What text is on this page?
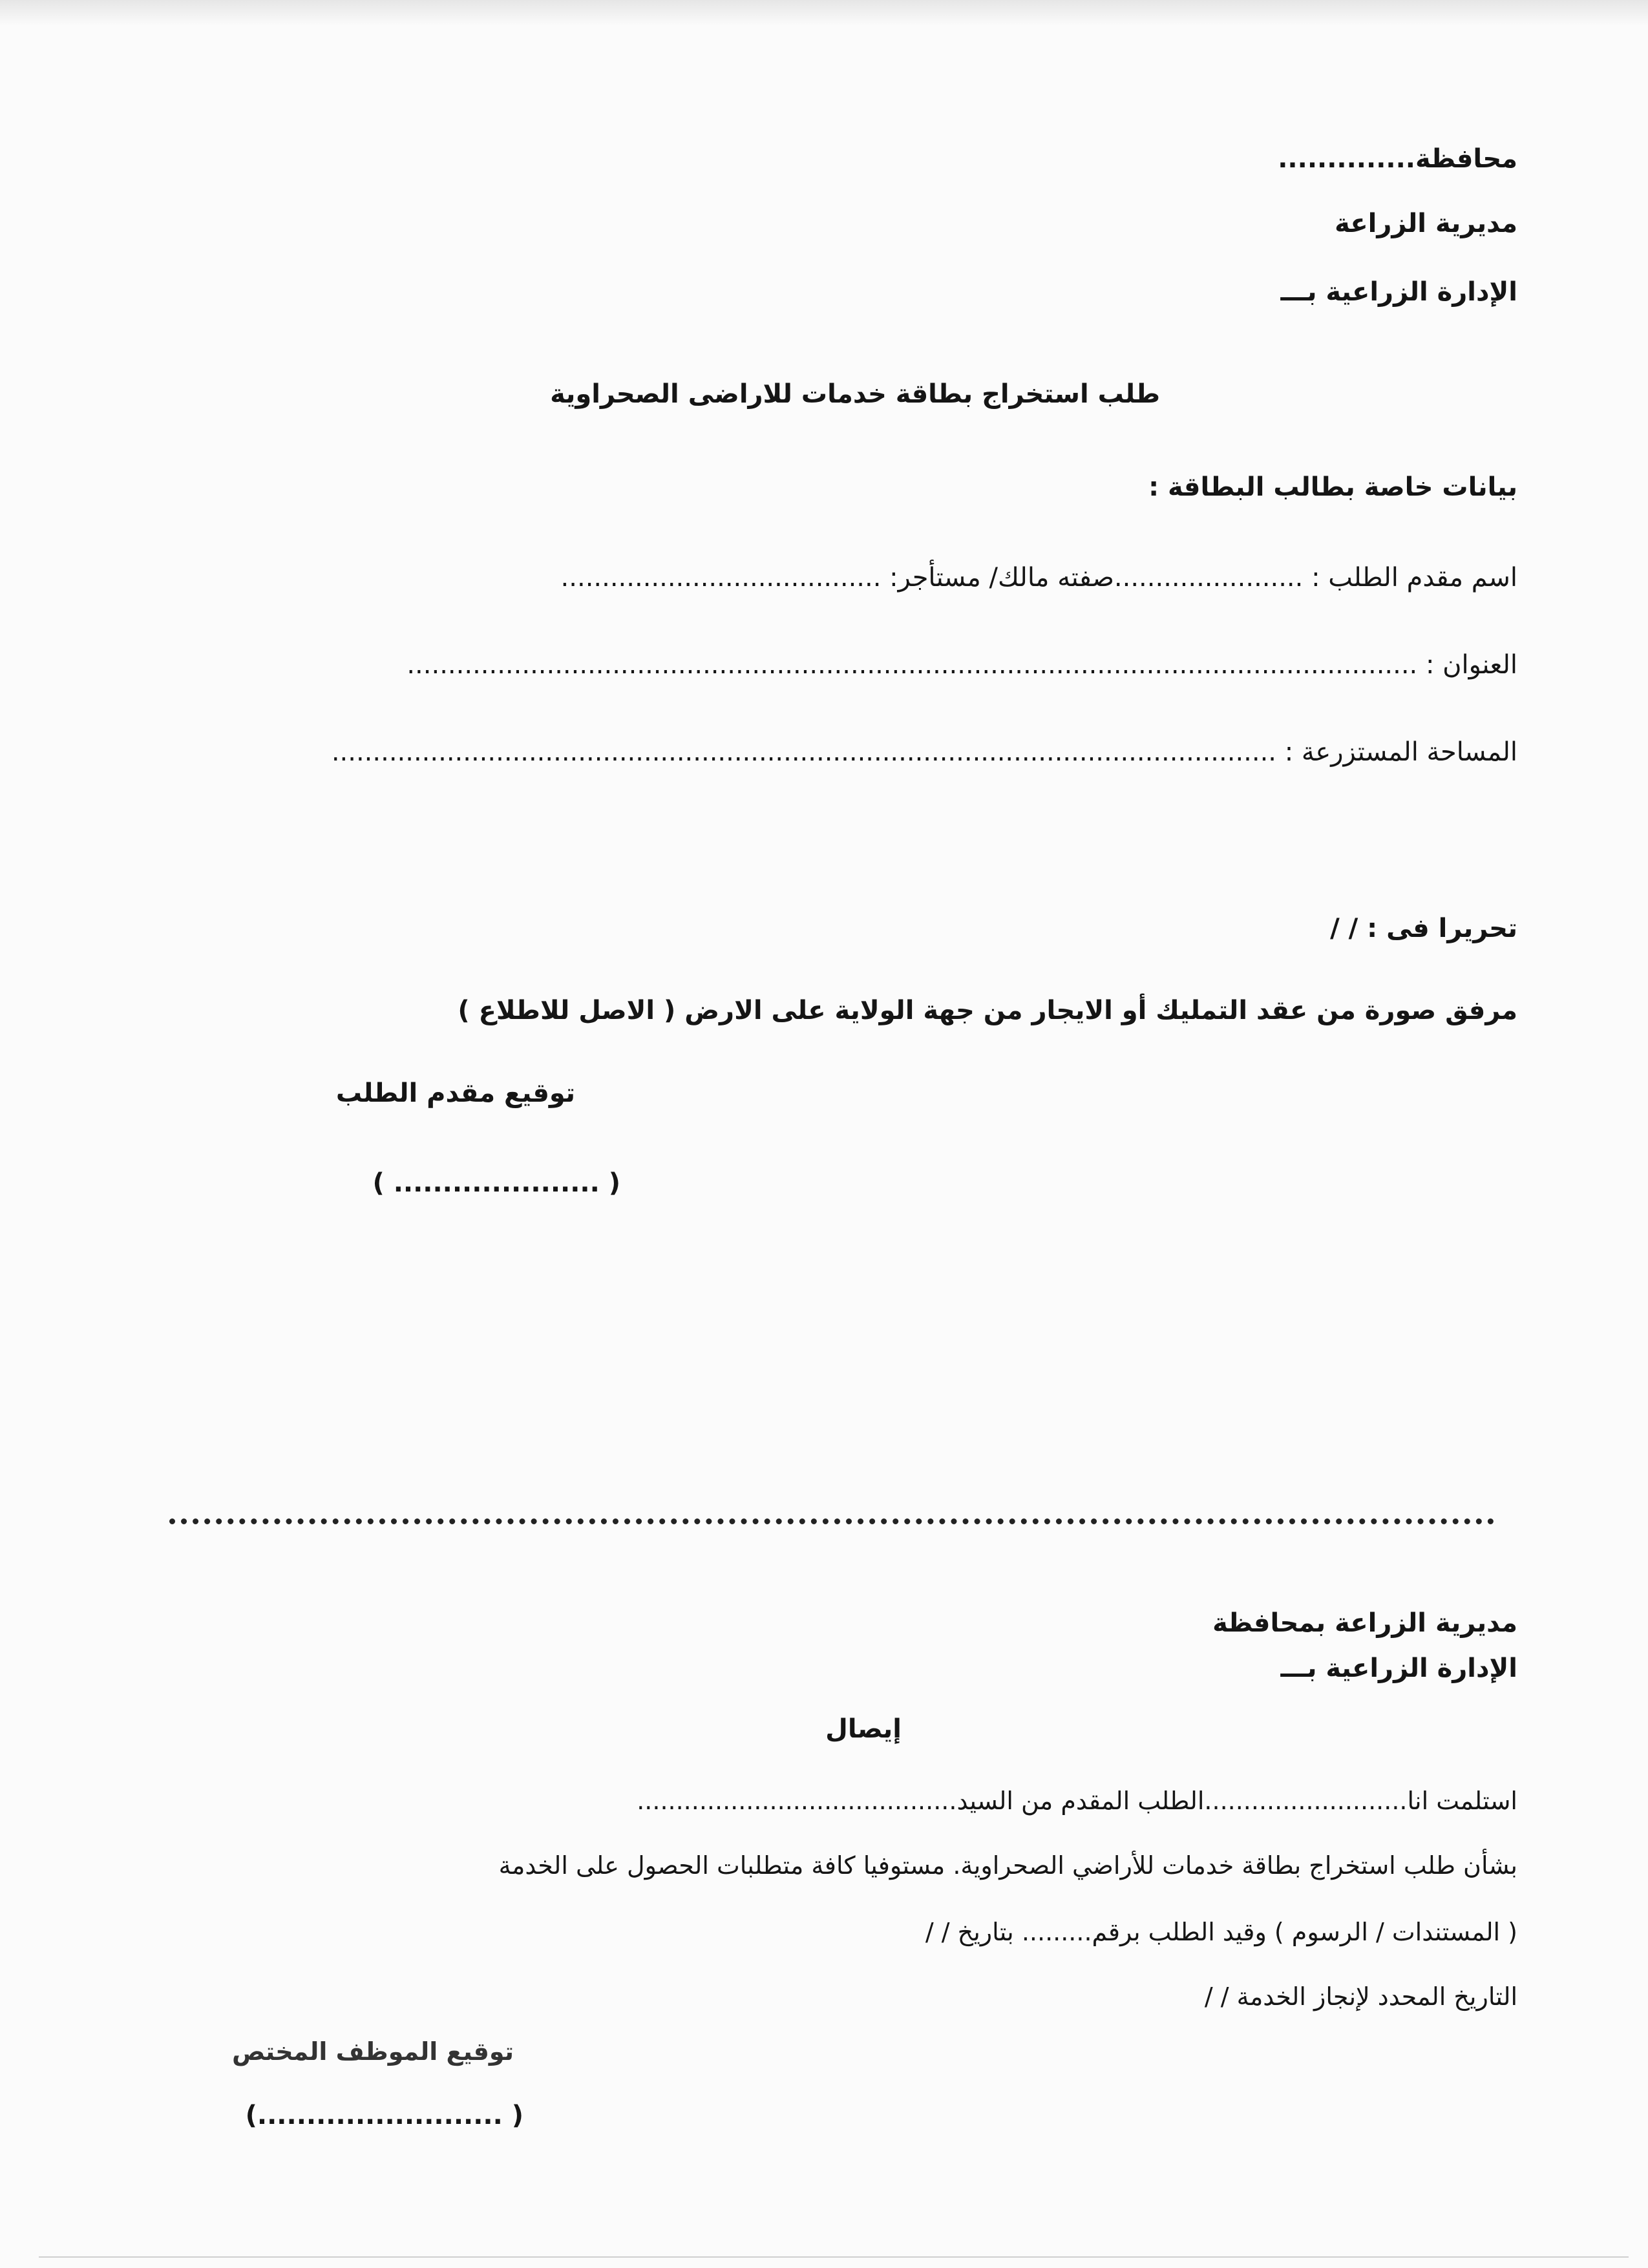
محافظة..............
مديرية الزراعة
الإدارة الزراعية بـــ
طلب استخراج بطاقة خدمات للاراضى الصحراوية
بيانات خاصة بطالب البطاقة :
اسم مقدم الطلب : .......................صفته مالك/ مستأجر: .......................................
العنوان : ...........................................................................................................................
المساحة المستزرعة : ...................................................................................................................
تحريرا فى : / /
مرفق صورة من عقد التمليك أو الايجار من جهة الولاية على الارض ( الاصل للاطلاع )
توقيع مقدم الطلب
( ..................... )
مديرية الزراعة بمحافظة
الإدارة الزراعية بـــ
إيصال
استلمت انا..........................الطلب المقدم من السيد.........................................
بشأن طلب استخراج بطاقة خدمات للأراضي الصحراوية. مستوفيا كافة متطلبات الحصول على الخدمة
( المستندات / الرسوم ) وقيد الطلب برقم......... بتاريخ / /
التاريخ المحدد لإنجاز الخدمة / /
توقيع الموظف المختص
( .........................)
